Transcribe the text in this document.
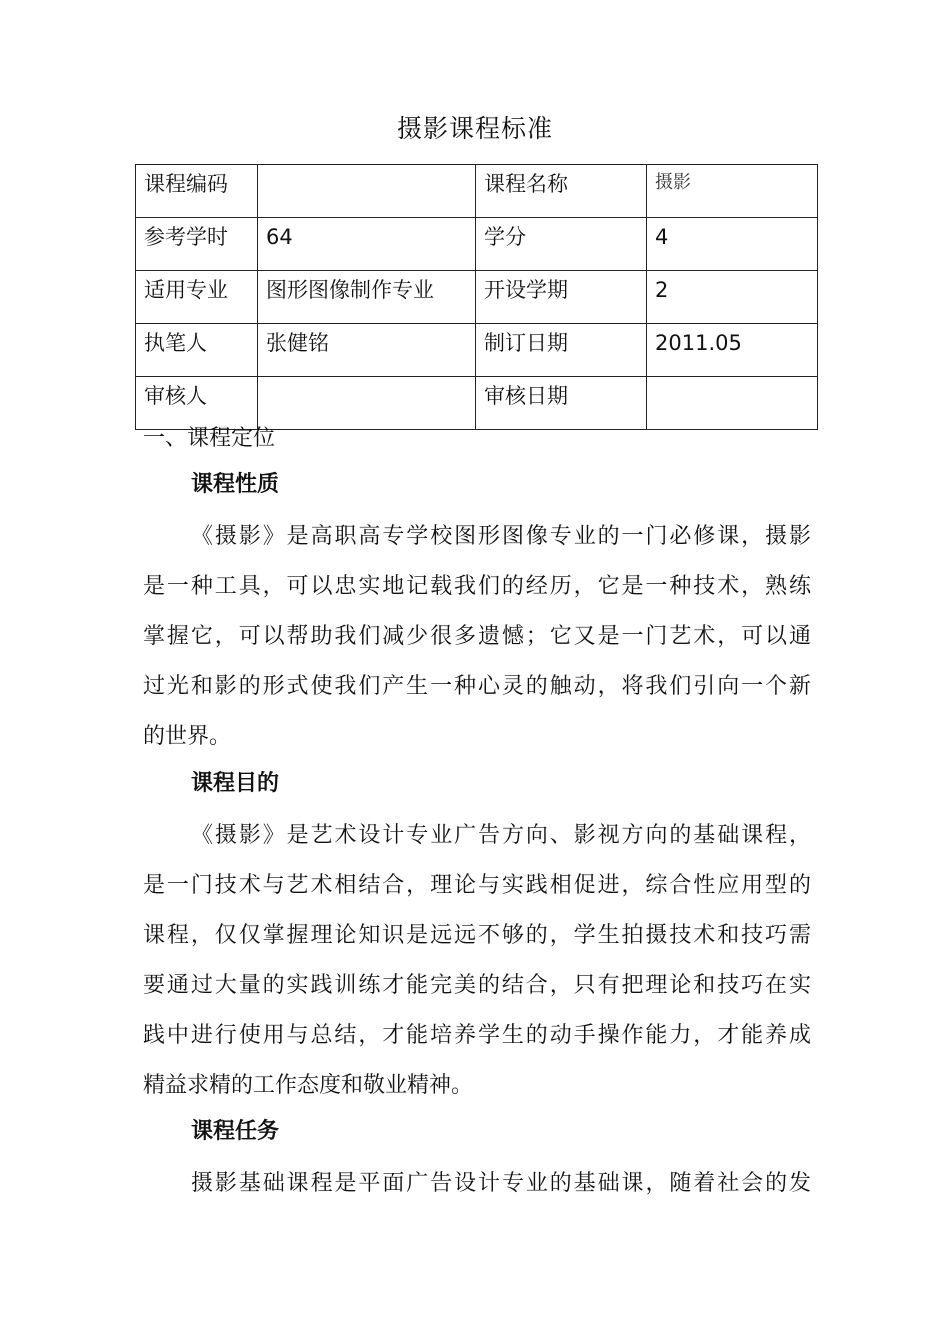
摄影课程标准
课程编码		课程名称	摄影
参考学时	64	学分	4
适用专业	图形图像制作专业	开设学期	2
执笔人	张健铭	制订日期	2011.05
审核人		审核日期	
一、课程定位
课程性质
《摄影》是高职高专学校图形图像专业的一门必修课，摄影
是一种工具，可以忠实地记载我们的经历，它是一种技术，熟练
掌握它，可以帮助我们减少很多遗憾；它又是一门艺术，可以通
过光和影的形式使我们产生一种心灵的触动，将我们引向一个新
的世界。
课程目的
《摄影》是艺术设计专业广告方向、影视方向的基础课程，
是一门技术与艺术相结合，理论与实践相促进，综合性应用型的
课程，仅仅掌握理论知识是远远不够的，学生拍摄技术和技巧需
要通过大量的实践训练才能完美的结合，只有把理论和技巧在实
践中进行使用与总结，才能培养学生的动手操作能力，才能养成
精益求精的工作态度和敬业精神。
课程任务
摄影基础课程是平面广告设计专业的基础课，随着社会的发
